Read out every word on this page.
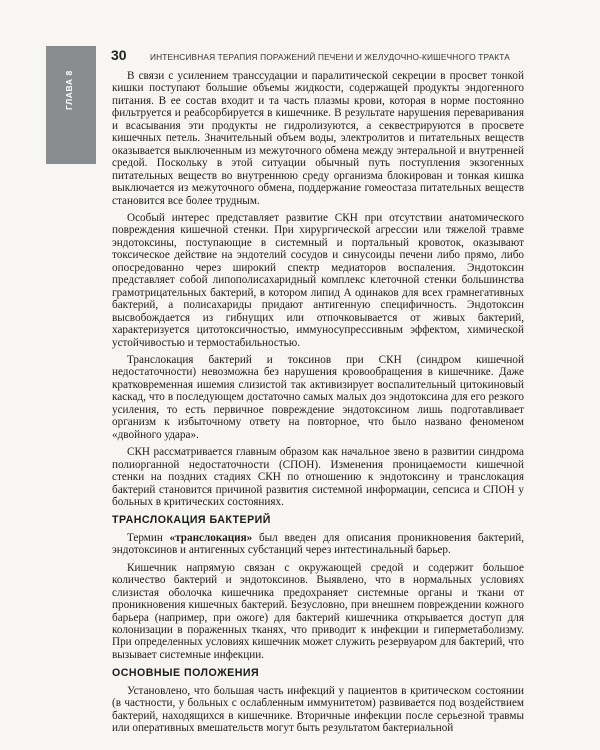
ГЛАВА 8
30	ИНТЕНСИВНАЯ ТЕРАПИЯ ПОРАЖЕНИЙ ПЕЧЕНИ И ЖЕЛУДОЧНО-КИШЕЧНОГО ТРАКТА

В связи с усилением транссудации и паралитической секреции в просвет тонкой кишки поступают большие объемы жидкости, содержащей продукты эндогенного питания. В ее состав входит и та часть плазмы крови, которая в норме постоянно фильтруется и реабсорбируется в кишечнике. В результате нарушения переваривания и всасывания эти продукты не гидролизуются, а секвестрируются в просвете кишечных петель. Значительный объем воды, электролитов и питательных веществ оказывается выключенным из межуточного обмена между энтеральной и внутренней средой. Поскольку в этой ситуации обычный путь поступления экзогенных питательных веществ во внутреннюю среду организма блокирован и тонкая кишка выключается из межуточного обмена, поддержание гомеостаза питательных веществ становится все более трудным.

Особый интерес представляет развитие СКН при отсутствии анатомического повреждения кишечной стенки. При хирургической агрессии или тяжелой травме эндотоксины, поступающие в системный и портальный кровоток, оказывают токсическое действие на эндотелий сосудов и синусоиды печени либо прямо, либо опосредованно через широкий спектр медиаторов воспаления. Эндотоксин представляет собой липополисахаридный комплекс клеточной стенки большинства грамотрицательных бактерий, в котором липид А одинаков для всех грамнегативных бактерий, а полисахариды придают антигенную специфичность. Эндотоксин высвобождается из гибнущих или отпочковывается от живых бактерий, характеризуется цитотоксичностью, иммуносупрессивным эффектом, химической устойчивостью и термостабильностью.

Транслокация бактерий и токсинов при СКН (синдром кишечной недостаточности) невозможна без нарушения кровообращения в кишечнике. Даже кратковременная ишемия слизистой так активизирует воспалительный цитокиновый каскад, что в последующем достаточно самых малых доз эндотоксина для его резкого усиления, то есть первичное повреждение эндотоксином лишь подготавливает организм к избыточному ответу на повторное, что было названо феноменом «двойного удара».

СКН рассматривается главным образом как начальное звено в развитии синдрома полиорганной недостаточности (СПОН). Изменения проницаемости кишечной стенки на поздних стадиях СКН по отношению к эндотоксину и транслокация бактерий становится причиной развития системной информации, сепсиса и СПОН у больных в критических состояниях.

ТРАНСЛОКАЦИЯ БАКТЕРИЙ

Термин «транслокация» был введен для описания проникновения бактерий, эндотоксинов и антигенных субстанций через интестинальный барьер.

Кишечник напрямую связан с окружающей средой и содержит большое количество бактерий и эндотоксинов. Выявлено, что в нормальных условиях слизистая оболочка кишечника предохраняет системные органы и ткани от проникновения кишечных бактерий. Безусловно, при внешнем повреждении кожного барьера (например, при ожоге) для бактерий кишечника открывается доступ для колонизации в пораженных тканях, что приводит к инфекции и гиперметаболизму. При определенных условиях кишечник может служить резервуаром для бактерий, что вызывает системные инфекции.

ОСНОВНЫЕ ПОЛОЖЕНИЯ

Установлено, что большая часть инфекций у пациентов в критическом состоянии (в частности, у больных с ослабленным иммунитетом) развивается под воздействием бактерий, находящихся в кишечнике. Вторичные инфекции после серьезной травмы или оперативных вмешательств могут быть результатом бактериальной
